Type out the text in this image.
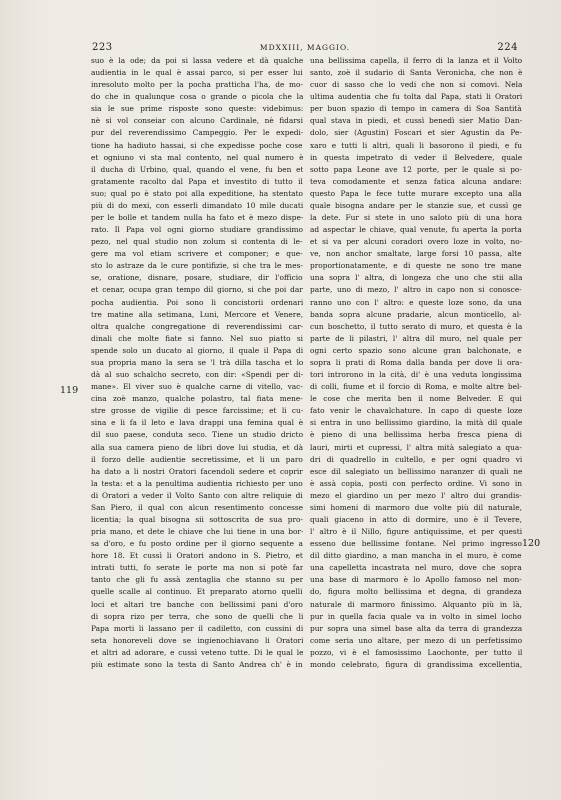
223	MDXXIII, MAGGIO.	224
119
120
suo è la ode; da poi si lassa vedere et dà qualche
audientia in le qual è assai parco, si per esser lui
inresoluto molto per la pocha pratticha l'ha, de mo-
do che in qualunque cosa o grande o picola che la
sia le sue prime risposte sono queste: videbimus:
nè si vol conseiar con alcuno Cardinale, nè fidarsi
pur del reverendissimo Campeggio. Per le expedi-
tione ha hadiuto hassai, si che expedisse poche cose
et ogniuno vi sta mal contento, nel qual numero è
il ducha di Urbino, qual, quando el vene, fu ben et
gratamente racolto dal Papa et investito di tutto il
suo; qual po è stato poi alla expeditione, ha stentato
più di do mexi, con esserli dimandato 10 mile ducati
per le bolle et tandem nulla ha fato et è mezo dispe-
rato. Il Papa vol ogni giorno studiare grandissimo
pezo, nel qual studio non zolum si contenta di le-
gere ma vol etiam scrivere et componer; e que-
sto lo astraze da le cure pontifizie, si che tra le mes-
se, oratione, disnare, posare, studiare, dir l'officio
et cenar, ocupa gran tempo dil giorno, si che poi dar
pocha audientia. Poi sono li concistorii ordenari
tre matine alla setimana, Luni, Mercore et Venere,
oltra qualche congregatione di reverendissimi car-
dinali che molte fiate si fanno. Nel suo piatto si
spende solo un ducato al giorno, il quale il Papa di
sua propria mano la sera se 'l trà dilla tascha et lo
dà al suo schalcho secreto, con dir: «Spendi per di-
mane». El viver suo è qualche carne di vitello, vac-
cina zoè manzo, qualche polastro, tal fiata mene-
stre grosse de vigilie di pesce farcissime; et li cu-
sina e li fa il leto e lava drappi una femina qual è
dil suo paese, conduta seco. Tiene un studio dricto
alla sua camera pieno de libri dove lui studia, et dà
il forzo delle audientie secretissime, et li un paro
ha dato a li nostri Oratori facendoli sedere et coprir
la testa: et a la penultima audientia richiesto per uno
di Oratori a veder il Volto Santo con altre reliquie di
San Piero, il qual con alcun resentimento concesse
licentia; la qual bisogna sii sottoscrita de sua pro-
pria mano, et dete le chiave che lui tiene in una bor-
sa d'oro, e fu posto ordine per il giorno sequente a
hore 18. Et cussì li Oratori andono in S. Pietro, et
intrati tutti, fo serate le porte ma non si potè far
tanto che gli fu assà zentaglia che stanno su per
quelle scalle al continuo. Et preparato atorno quelli
loci et altari tre banche con bellissimi pani d'oro
di sopra rizo per terra, che sono de quelli che li
Papa morti li lassano per il cadiletto, con cussini di
seta honoreveli dove se ingienochiavano li Oratori
et altri ad adorare, e cussì veteno tutte. Di le qual le
più estimate sono la testa di Santo Andrea ch' è in
una bellissima capella, il ferro di la lanza et il Volto
santo, zoè il sudario di Santa Veronicha, che non è
cuor di sasso che lo vedi che non si comovi. Nela
ultima audentia che fu tolta dal Papa, stati li Oratori
per buon spazio di tempo in camera di Soa Santità
qual stava in piedi, et cussì benedì sier Matio Dan-
dolo, sier (Agustin) Foscari et sier Agustin da Pe-
xaro e tutti li altri, quali li basorono il piedi, e fu
in questa impetrato di veder il Belvedere, quale
sotto papa Leone ave 12 porte, per le quale si po-
teva comodamente et senza fatica alcuna andare:
questo Papa le fece tutte murare excepto una alla
quale bisogna andare per le stanzie sue, et cussì ge
la dete. Fur si stete in uno saloto più di una hora
ad aspectar le chiave, qual venute, fu aperta la porta
et si va per alcuni coradori overo loze in volto, no-
ve, non anchor smaltate, large forsi 10 passa, alte
proportionatamente, e di queste ne sono tre mane
una sopra l' altra, di longeza che uno che stii alla
parte, uno di mezo, l' altro in capo non si conosce-
ranno uno con l' altro: e queste loze sono, da una
banda sopra alcune pradarie, alcun monticello, al-
cun boschetto, il tutto serato di muro, et questa è la
parte de li pilastri, l' altra dil muro, nel quale per
ogni certo spazio sono alcune gran balchonate, e
sopra li prati di Roma dalla banda per dove li ora-
tori introrono in la cità, di' è una veduta longissima
di colli, fiume et il forcio di Roma, e molte altre bel-
le cose che merita ben il nome Belveder. E qui
fato venir le chavalchature. In capo di queste loze
si entra in uno bellissimo giardino, la mità dil quale
è pieno di una bellissima herba fresca piena di
lauri, mirti et cupressi, l' altra mità salegiato a qua-
dri di quadrello in cultello, e per ogni quadro vi
esce dil salegiato un bellissimo naranzer di quali ne
è assà copia, posti con perfecto ordine. Vi sono in
mezo el giardino un per mezo l' altro dui grandis-
simi homeni di marmoro due volte più dil naturale,
quali giaceno in atto di dormire, uno è il Tevere,
l' altro è il Nillo, figure antiquissime, et per questi
esseno due bellissime fontane. Nel primo ingresso
dil ditto giardino, a man mancha in el muro, è come
una capelletta incastrata nel muro, dove che sopra
una base di marmoro è lo Apollo famoso nel mon-
do, figura molto bellissima et degna, di grandeza
naturale di marmoro finissimo. Alquanto più in là,
pur in quella facia quale va in volto in simel locho
pur sopra una simel base alta da terra di grandezza
come seria uno altare, per mezo di un perfetissimo
pozzo, vi è el famosissimo Laochonte, per tutto il
mondo celebrato, figura di grandissima excellentia,
